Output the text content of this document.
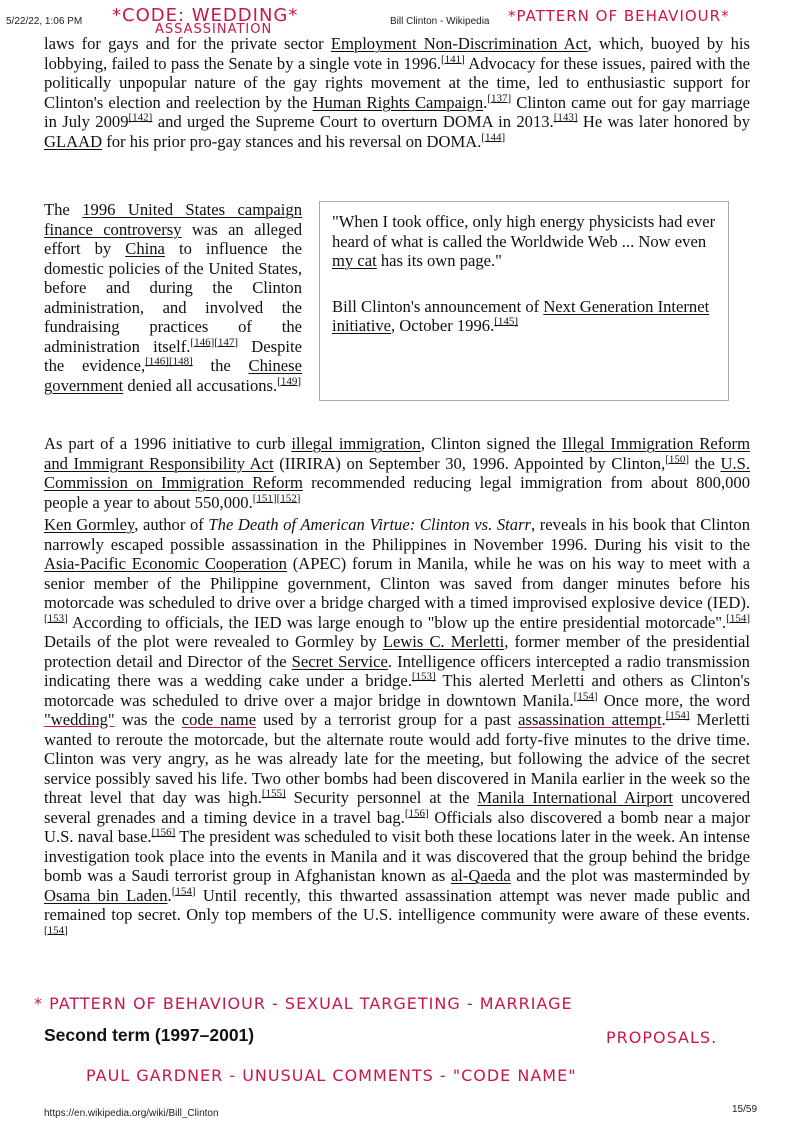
5/22/22, 1:06 PM	Bill Clinton - Wikipedia
*CODE: WEDDING*
ASSASSINATION
*PATTERN OF BEHAVIOUR*

laws for gays and for the private sector Employment Non-Discrimination Act, which, buoyed by his lobbying, failed to pass the Senate by a single vote in 1996.[141] Advocacy for these issues, paired with the politically unpopular nature of the gay rights movement at the time, led to enthusiastic support for Clinton's election and reelection by the Human Rights Campaign.[137] Clinton came out for gay marriage in July 2009[142] and urged the Supreme Court to overturn DOMA in 2013.[143] He was later honored by GLAAD for his prior pro-gay stances and his reversal on DOMA.[144]

The 1996 United States campaign finance controversy was an alleged effort by China to influence the domestic policies of the United States, before and during the Clinton administration, and involved the fundraising practices of the administration itself.[146][147] Despite the evidence,[146][148] the Chinese government denied all accusations.[149]
"When I took office, only high energy physicists had ever heard of what is called the Worldwide Web ... Now even my cat has its own page."
Bill Clinton's announcement of Next Generation Internet initiative, October 1996.[145]
As part of a 1996 initiative to curb illegal immigration, Clinton signed the Illegal Immigration Reform and Immigrant Responsibility Act (IIRIRA) on September 30, 1996. Appointed by Clinton,[150] the U.S. Commission on Immigration Reform recommended reducing legal immigration from about 800,000 people a year to about 550,000.[151][152]
Ken Gormley, author of The Death of American Virtue: Clinton vs. Starr, reveals in his book that Clinton narrowly escaped possible assassination in the Philippines in November 1996. During his visit to the Asia-Pacific Economic Cooperation (APEC) forum in Manila, while he was on his way to meet with a senior member of the Philippine government, Clinton was saved from danger minutes before his motorcade was scheduled to drive over a bridge charged with a timed improvised explosive device (IED).[153] According to officials, the IED was large enough to "blow up the entire presidential motorcade".[154] Details of the plot were revealed to Gormley by Lewis C. Merletti, former member of the presidential protection detail and Director of the Secret Service. Intelligence officers intercepted a radio transmission indicating there was a wedding cake under a bridge.[153] This alerted Merletti and others as Clinton's motorcade was scheduled to drive over a major bridge in downtown Manila.[154] Once more, the word "wedding" was the code name used by a terrorist group for a past assassination attempt.[154] Merletti wanted to reroute the motorcade, but the alternate route would add forty-five minutes to the drive time. Clinton was very angry, as he was already late for the meeting, but following the advice of the secret service possibly saved his life. Two other bombs had been discovered in Manila earlier in the week so the threat level that day was high.[155] Security personnel at the Manila International Airport uncovered several grenades and a timing device in a travel bag.[156] Officials also discovered a bomb near a major U.S. naval base.[156] The president was scheduled to visit both these locations later in the week. An intense investigation took place into the events in Manila and it was discovered that the group behind the bridge bomb was a Saudi terrorist group in Afghanistan known as al-Qaeda and the plot was masterminded by Osama bin Laden.[154] Until recently, this thwarted assassination attempt was never made public and remained top secret. Only top members of the U.S. intelligence community were aware of these events.[154]
* PATTERN OF BEHAVIOUR - SEXUAL TARGETING - MARRIAGE
Second term (1997–2001)	PROPOSALS.
PAUL GARDNER - UNUSUAL COMMENTS - "CODE NAME"
https://en.wikipedia.org/wiki/Bill_Clinton	15/59
